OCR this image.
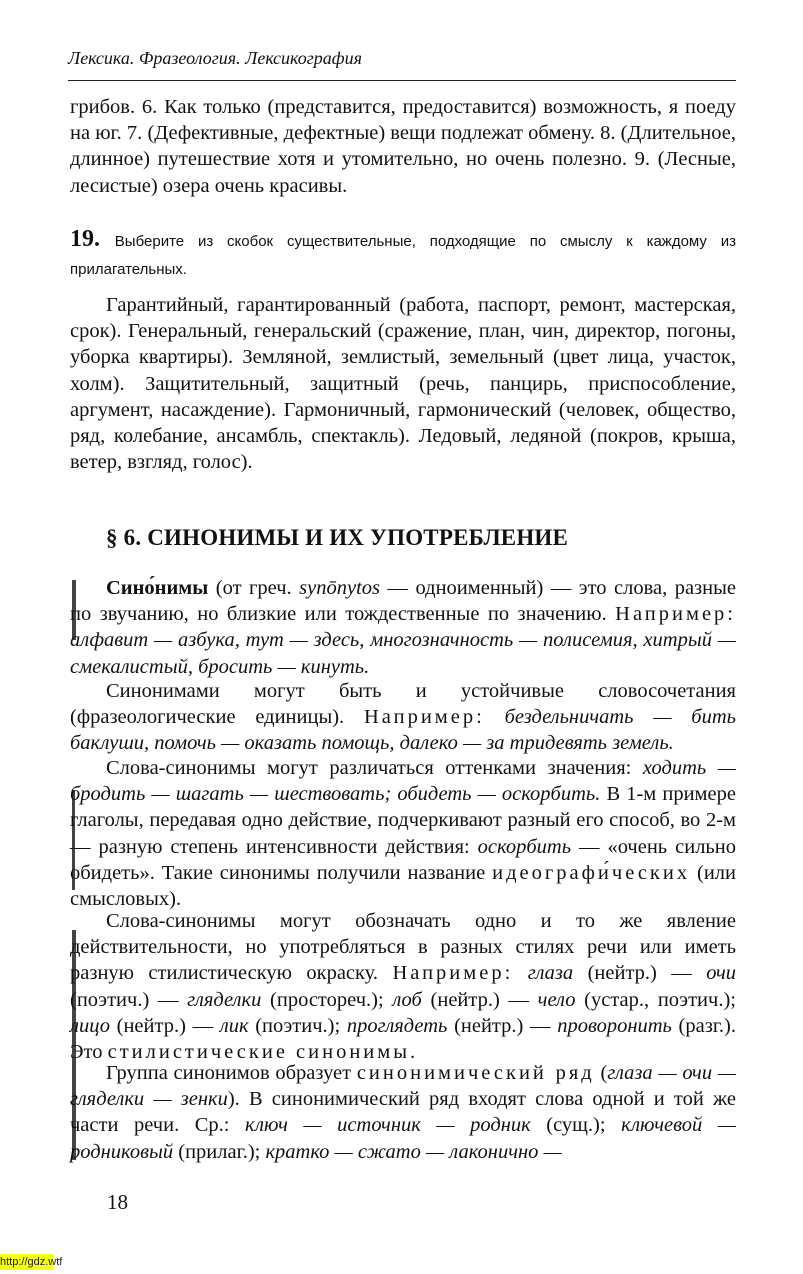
Лексика. Фразеология. Лексикография
грибов. 6. Как только (представится, предоставится) возможность, я поеду на юг. 7. (Дефективные, дефектные) вещи подлежат обмену. 8. (Длительное, длинное) путешествие хотя и утомительно, но очень полезно. 9. (Лесные, лесистые) озера очень красивы.
19. Выберите из скобок существительные, подходящие по смыслу к каждому из прилагательных.
Гарантийный, гарантированный (работа, паспорт, ремонт, мастерская, срок). Генеральный, генеральский (сражение, план, чин, директор, погоны, уборка квартиры). Земляной, землистый, земельный (цвет лица, участок, холм). Защитительный, защитный (речь, панцирь, приспособление, аргумент, насаждение). Гармоничный, гармонический (человек, общество, ряд, колебание, ансамбль, спектакль). Ледовый, ледяной (покров, крыша, ветер, взгляд, голос).
§ 6. СИНОНИМЫ И ИХ УПОТРЕБЛЕНИЕ
Сино́нимы (от греч. synōnytos — одноименный) — это слова, разные по звучанию, но близкие или тождественные по значению. Например: алфавит — азбука, тут — здесь, многозначность — полисемия, хитрый — смекалистый, бросить — кинуть.
Синонимами могут быть и устойчивые словосочетания (фразеологические единицы). Например: бездельничать — бить баклуши, помочь — оказать помощь, далеко — за тридевять земель.
Слова-синонимы могут различаться оттенками значения: ходить — бродить — шагать — шествовать; обидеть — оскорбить. В 1-м примере глаголы, передавая одно действие, подчеркивают разный его способ, во 2-м — разную степень интенсивности действия: оскорбить — «очень сильно обидеть». Такие синонимы получили название идеографи́ческих (или смысловых).
Слова-синонимы могут обозначать одно и то же явление действительности, но употребляться в разных стилях речи или иметь разную стилистическую окраску. Например: глаза (нейтр.) — очи (поэтич.) — гляделки (простореч.); лоб (нейтр.) — чело (устар., поэтич.); лицо (нейтр.) — лик (поэтич.); проглядеть (нейтр.) — проворонить (разг.). Это стилистические синонимы.
Группа синонимов образует синонимический ряд (глаза — очи — гляделки — зенки). В синонимический ряд входят слова одной и той же части речи. Ср.: ключ — источник — родник (сущ.); ключевой — родниковый (прилаг.); кратко — сжато — лаконично —
18
http://gdz.wtf
